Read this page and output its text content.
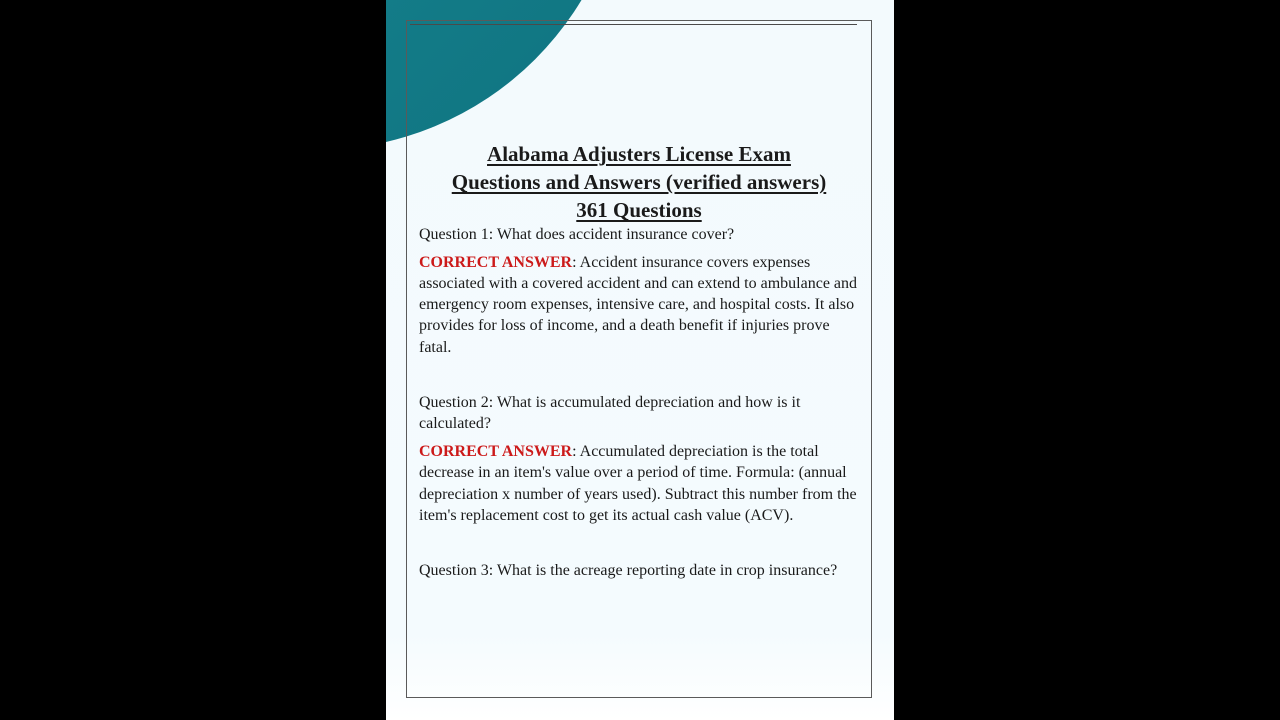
Alabama Adjusters License Exam
Questions and Answers (verified answers)
361 Questions

Question 1: What does accident insurance cover?

CORRECT ANSWER: Accident insurance covers expenses associated with a covered accident and can extend to ambulance and emergency room expenses, intensive care, and hospital costs. It also provides for loss of income, and a death benefit if injuries prove fatal.

Question 2: What is accumulated depreciation and how is it calculated?

CORRECT ANSWER: Accumulated depreciation is the total decrease in an item's value over a period of time. Formula: (annual depreciation x number of years used). Subtract this number from the item's replacement cost to get its actual cash value (ACV).

Question 3: What is the acreage reporting date in crop insurance?
